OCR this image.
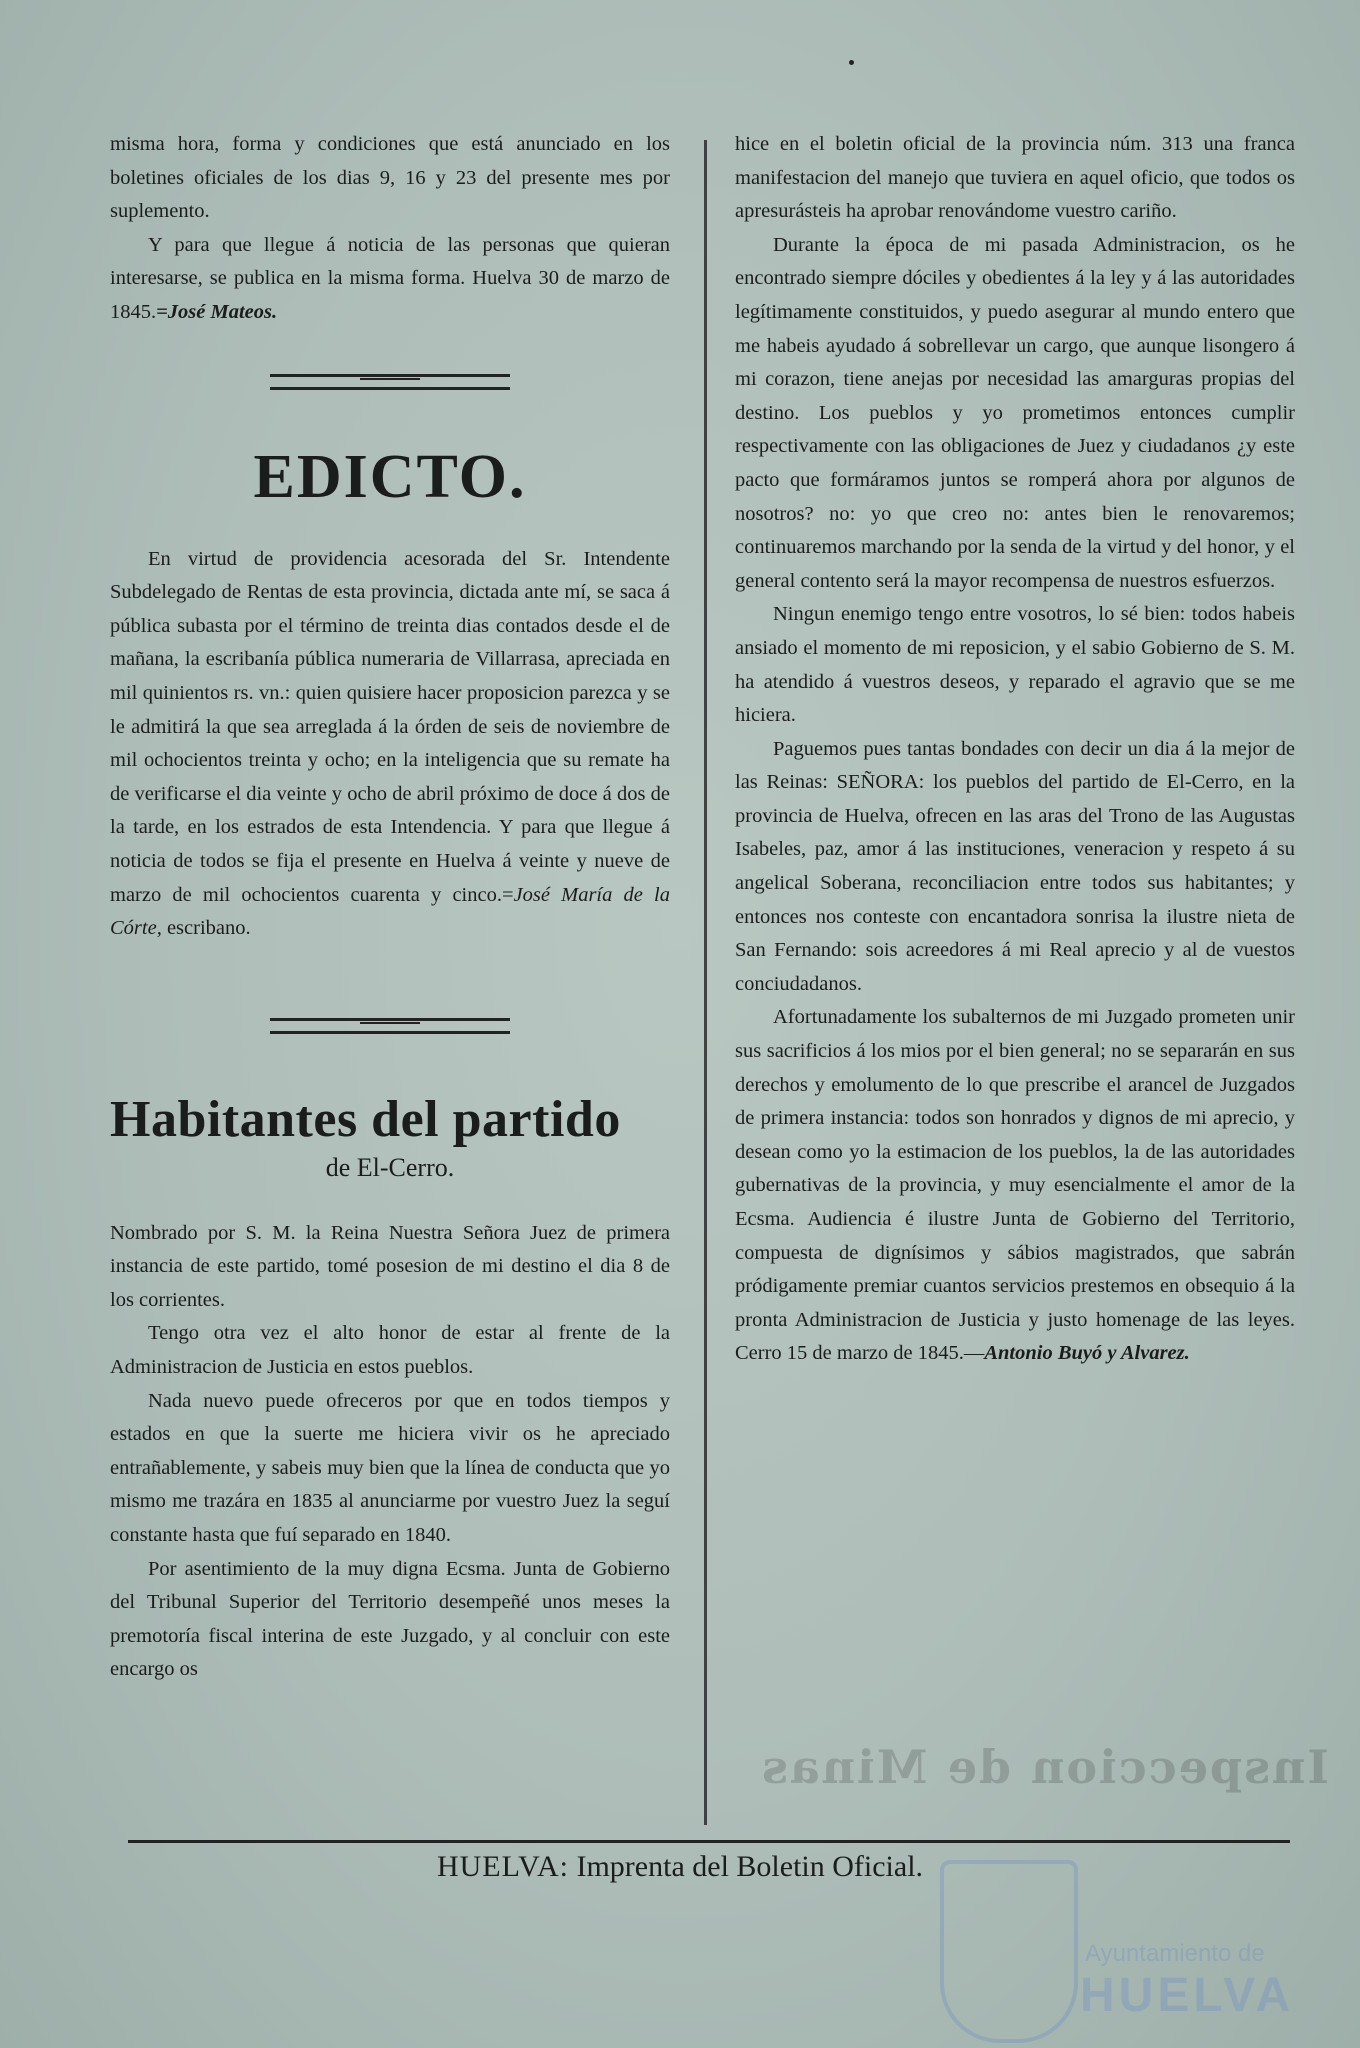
Inspeccion de Minas

misma hora, forma y condiciones que está anunciado en los boletines oficiales de los dias 9, 16 y 23 del presente mes por suplemento.

Y para que llegue á noticia de las personas que quieran interesarse, se publica en la misma forma. Huelva 30 de marzo de 1845.=José Mateos.

EDICTO.

En virtud de providencia acesorada del Sr. Intendente Subdelegado de Rentas de esta provincia, dictada ante mí, se saca á pública subasta por el término de treinta dias contados desde el de mañana, la escribanía pública numeraria de Villarrasa, apreciada en mil quinientos rs. vn.: quien quisiere hacer proposicion parezca y se le admitirá la que sea arreglada á la órden de seis de noviembre de mil ochocientos treinta y ocho; en la inteligencia que su remate ha de verificarse el dia veinte y ocho de abril próximo de doce á dos de la tarde, en los estrados de esta Intendencia. Y para que llegue á noticia de todos se fija el presente en Huelva á veinte y nueve de marzo de mil ochocientos cuarenta y cinco.=José María de la Córte, escribano.

Habitantes del partido
de El-Cerro.

Nombrado por S. M. la Reina Nuestra Señora Juez de primera instancia de este partido, tomé posesion de mi destino el dia 8 de los corrientes.

Tengo otra vez el alto honor de estar al frente de la Administracion de Justicia en estos pueblos.

Nada nuevo puede ofreceros por que en todos tiempos y estados en que la suerte me hiciera vivir os he apreciado entrañablemente, y sabeis muy bien que la línea de conducta que yo mismo me trazára en 1835 al anunciarme por vuestro Juez la seguí constante hasta que fuí separado en 1840.

Por asentimiento de la muy digna Ecsma. Junta de Gobierno del Tribunal Superior del Territorio desempeñé unos meses la premotoría fiscal interina de este Juzgado, y al concluir con este encargo os

hice en el boletin oficial de la provincia núm. 313 una franca manifestacion del manejo que tuviera en aquel oficio, que todos os apresurásteis ha aprobar renovándome vuestro cariño.

Durante la época de mi pasada Administracion, os he encontrado siempre dóciles y obedientes á la ley y á las autoridades legítimamente constituidos, y puedo asegurar al mundo entero que me habeis ayudado á sobrellevar un cargo, que aunque lisongero á mi corazon, tiene anejas por necesidad las amarguras propias del destino. Los pueblos y yo prometimos entonces cumplir respectivamente con las obligaciones de Juez y ciudadanos ¿y este pacto que formáramos juntos se romperá ahora por algunos de nosotros? no: yo que creo no: antes bien le renovaremos; continuaremos marchando por la senda de la virtud y del honor, y el general contento será la mayor recompensa de nuestros esfuerzos.

Ningun enemigo tengo entre vosotros, lo sé bien: todos habeis ansiado el momento de mi reposicion, y el sabio Gobierno de S. M. ha atendido á vuestros deseos, y reparado el agravio que se me hiciera.

Paguemos pues tantas bondades con decir un dia á la mejor de las Reinas: SEÑORA: los pueblos del partido de El-Cerro, en la provincia de Huelva, ofrecen en las aras del Trono de las Augustas Isabeles, paz, amor á las instituciones, veneracion y respeto á su angelical Soberana, reconciliacion entre todos sus habitantes; y entonces nos conteste con encantadora sonrisa la ilustre nieta de San Fernando: sois acreedores á mi Real aprecio y al de vuestos conciudadanos.

Afortunadamente los subalternos de mi Juzgado prometen unir sus sacrificios á los mios por el bien general; no se separarán en sus derechos y emolumento de lo que prescribe el arancel de Juzgados de primera instancia: todos son honrados y dignos de mi aprecio, y desean como yo la estimacion de los pueblos, la de las autoridades gubernativas de la provincia, y muy esencialmente el amor de la Ecsma. Audiencia é ilustre Junta de Gobierno del Territorio, compuesta de dignísimos y sábios magistrados, que sabrán pródigamente premiar cuantos servicios prestemos en obsequio á la pronta Administracion de Justicia y justo homenage de las leyes. Cerro 15 de marzo de 1845.—Antonio Buyó y Alvarez.

HUELVA: Imprenta del Boletin Oficial.
Ayuntamiento de
HUELVA
